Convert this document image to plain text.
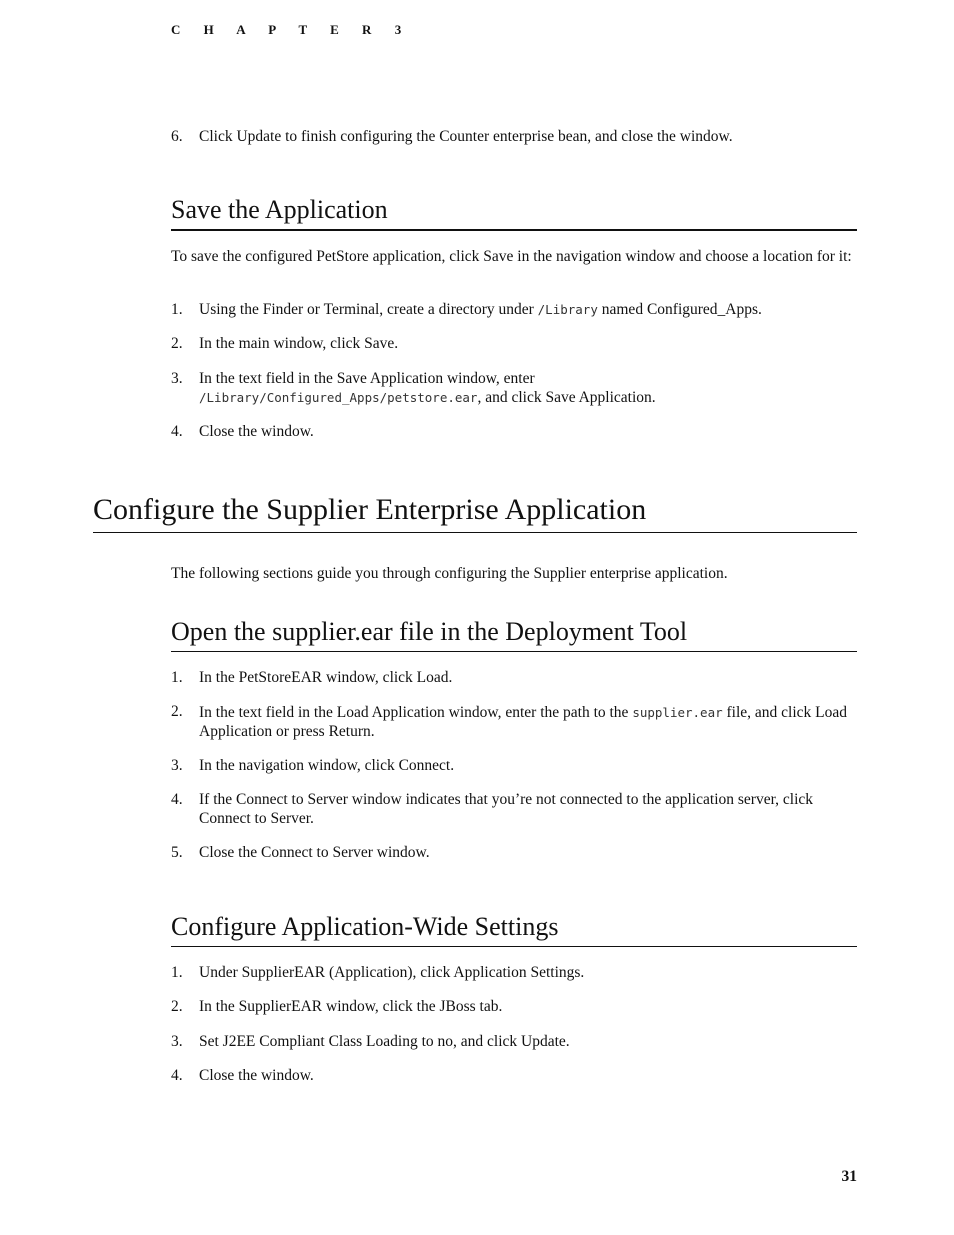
C H A P T E R 3
6. Click Update to finish configuring the Counter enterprise bean, and close the window.
Save the Application
To save the configured PetStore application, click Save in the navigation window and choose a location for it:
1. Using the Finder or Terminal, create a directory under /Library named Configured_Apps.
2. In the main window, click Save.
3. In the text field in the Save Application window, enter
/Library/Configured_Apps/petstore.ear, and click Save Application.
4. Close the window.
Configure the Supplier Enterprise Application
The following sections guide you through configuring the Supplier enterprise application.
Open the supplier.ear file in the Deployment Tool
1. In the PetStoreEAR window, click Load.
2. In the text field in the Load Application window, enter the path to the supplier.ear file, and click Load Application or press Return.
3. In the navigation window, click Connect.
4. If the Connect to Server window indicates that you’re not connected to the application server, click Connect to Server.
5. Close the Connect to Server window.
Configure Application-Wide Settings
1. Under SupplierEAR (Application), click Application Settings.
2. In the SupplierEAR window, click the JBoss tab.
3. Set J2EE Compliant Class Loading to no, and click Update.
4. Close the window.
31
